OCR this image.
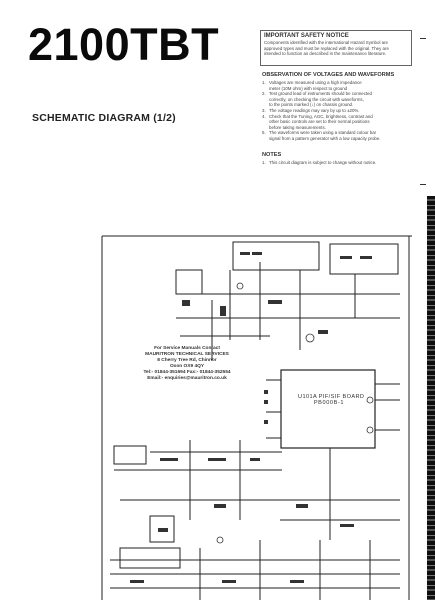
2100TBT
SCHEMATIC DIAGRAM (1/2)
IMPORTANT SAFETY NOTICE
Components identified with the international Hazard Symbol are
approved types and must be replaced with the original. They are
intended to function as described in the maintenance literature.
OBSERVATION OF VOLTAGES AND WAVEFORMS
1. Voltages are measured using a high impedance
meter (10M ohm) with respect to ground
2. Test ground lead of instruments should be connected
correctly, on checking the circuit with waveforms,
to the points marked (↓) on chassis ground.
3. The voltage readings may vary by up to ±20%.
4. Check that the Tuning, AGC, brightness, contrast and
other basic controls are set to their normal positions
before taking measurements.
5. The waveforms were taken using a standard colour bar
signal from a pattern generator with a low capacity probe.
NOTES
1. This circuit diagram is subject to change without notice.
For Service Manuals Contact
MAURITRON TECHNICAL SERVICES
8 Cherry Tree Rd, Chinnor
Oxon OX9 4QY
Tel:- 01844-351694 Fax:- 01844-352554
Email:- enquiries@mauritron.co.uk
U101A PIF/SIF BOARD
PB000B-1
